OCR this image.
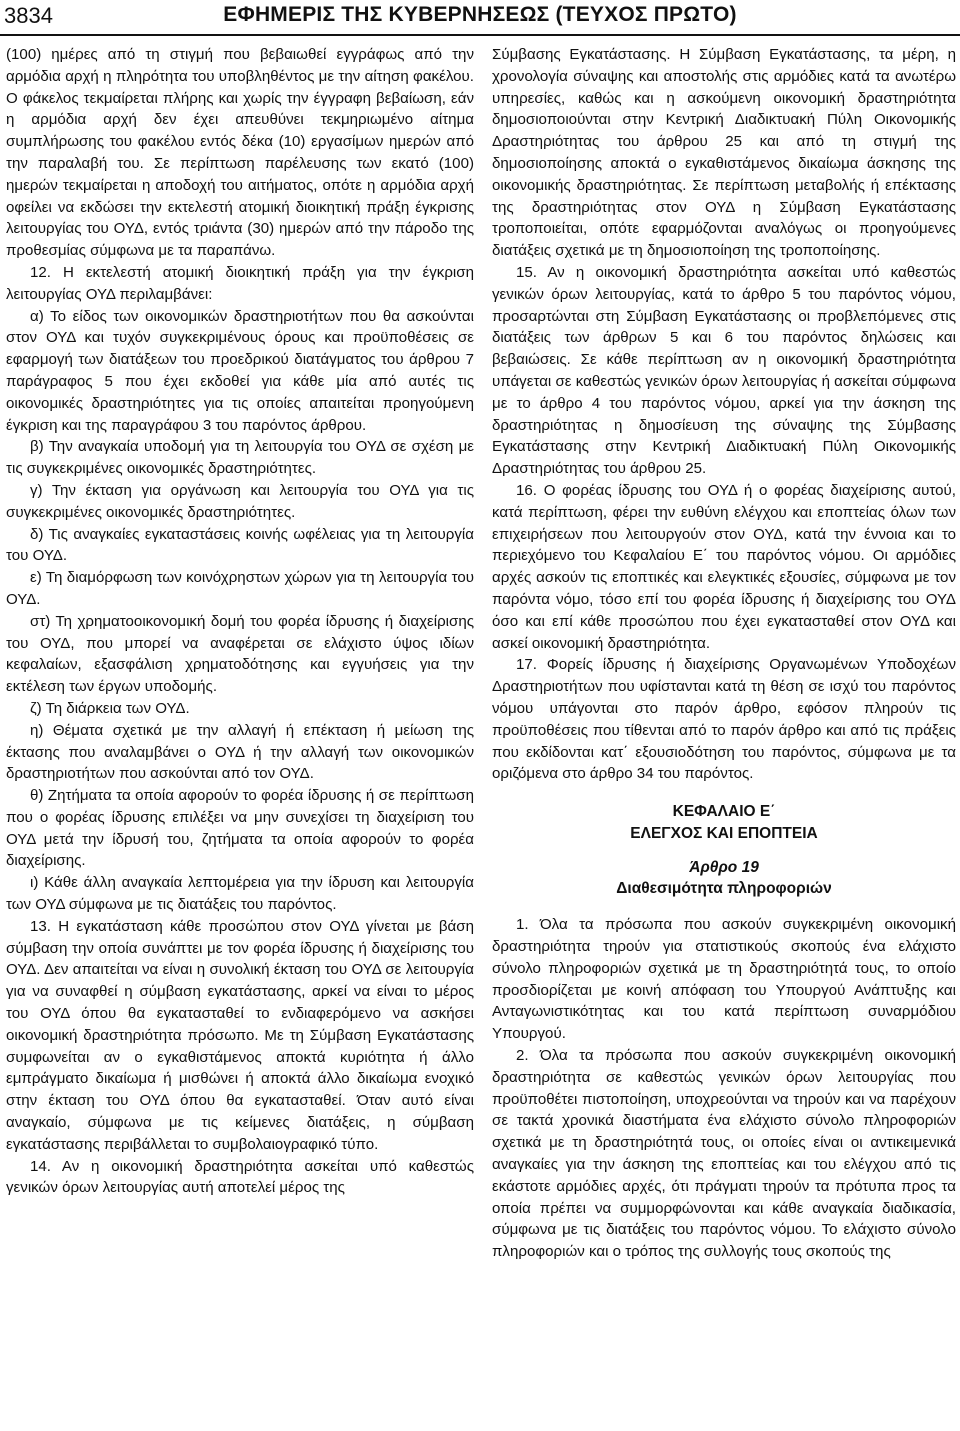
3834	ΕΦΗΜΕΡΙΣ ΤΗΣ ΚΥΒΕΡΝΗΣΕΩΣ (ΤΕΥΧΟΣ ΠΡΩΤΟ)

(100) ημέρες από τη στιγμή που βεβαιωθεί εγγράφως από την αρμόδια αρχή η πληρότητα του υποβληθέντος με την αίτηση φακέλου. Ο φάκελος τεκμαίρεται πλήρης και χωρίς την έγγραφη βεβαίωση, εάν η αρμόδια αρχή δεν έχει απευθύνει τεκμηριωμένο αίτημα συμπλήρωσης του φακέλου εντός δέκα (10) εργασίμων ημερών από την παραλαβή του. Σε περίπτωση παρέλευσης των εκατό (100) ημερών τεκμαίρεται η αποδοχή του αιτήματος, οπότε η αρμόδια αρχή οφείλει να εκδώσει την εκτελεστή ατομική διοικητική πράξη έγκρισης λειτουργίας του ΟΥΔ, εντός τριάντα (30) ημερών από την πάροδο της προθεσμίας σύμφωνα με τα παραπάνω.

12. Η εκτελεστή ατομική διοικητική πράξη για την έγκριση λειτουργίας ΟΥΔ περιλαμβάνει:

α) Το είδος των οικονομικών δραστηριοτήτων που θα ασκούνται στον ΟΥΔ και τυχόν συγκεκριμένους όρους και προϋποθέσεις σε εφαρμογή των διατάξεων του προεδρικού διατάγματος του άρθρου 7 παράγραφος 5 που έχει εκδοθεί για κάθε μία από αυτές τις οικονομικές δραστηριότητες για τις οποίες απαιτείται προηγούμενη έγκριση και της παραγράφου 3 του παρόντος άρθρου.

β) Την αναγκαία υποδομή για τη λειτουργία του ΟΥΔ σε σχέση με τις συγκεκριμένες οικονομικές δραστηριότητες.

γ) Την έκταση για οργάνωση και λειτουργία του ΟΥΔ για τις συγκεκριμένες οικονομικές δραστηριότητες.

δ) Τις αναγκαίες εγκαταστάσεις κοινής ωφέλειας για τη λειτουργία του ΟΥΔ.

ε) Τη διαμόρφωση των κοινόχρηστων χώρων για τη λειτουργία του ΟΥΔ.

στ) Τη χρηματοοικονομική δομή του φορέα ίδρυσης ή διαχείρισης του ΟΥΔ, που μπορεί να αναφέρεται σε ελάχιστο ύψος ιδίων κεφαλαίων, εξασφάλιση χρηματοδότησης και εγγυήσεις για την εκτέλεση των έργων υποδομής.

ζ) Τη διάρκεια των ΟΥΔ.

η) Θέματα σχετικά με την αλλαγή ή επέκταση ή μείωση της έκτασης που αναλαμβάνει ο ΟΥΔ ή την αλλαγή των οικονομικών δραστηριοτήτων που ασκούνται από τον ΟΥΔ.

θ) Ζητήματα τα οποία αφορούν το φορέα ίδρυσης ή σε περίπτωση που ο φορέας ίδρυσης επιλέξει να μην συνεχίσει τη διαχείριση του ΟΥΔ μετά την ίδρυσή του, ζητήματα τα οποία αφορούν το φορέα διαχείρισης.

ι) Κάθε άλλη αναγκαία λεπτομέρεια για την ίδρυση και λειτουργία των ΟΥΔ σύμφωνα με τις διατάξεις του παρόντος.

13. Η εγκατάσταση κάθε προσώπου στον ΟΥΔ γίνεται με βάση σύμβαση την οποία συνάπτει με τον φορέα ίδρυσης ή διαχείρισης του ΟΥΔ. Δεν απαιτείται να είναι η συνολική έκταση του ΟΥΔ σε λειτουργία για να συναφθεί η σύμβαση εγκατάστασης, αρκεί να είναι το μέρος του ΟΥΔ όπου θα εγκατασταθεί το ενδιαφερόμενο να ασκήσει οικονομική δραστηριότητα πρόσωπο. Με τη Σύμβαση Εγκατάστασης συμφωνείται αν ο εγκαθιστάμενος αποκτά κυριότητα ή άλλο εμπράγματο δικαίωμα ή μισθώνει ή αποκτά άλλο δικαίωμα ενοχικό στην έκταση του ΟΥΔ όπου θα εγκατασταθεί. Όταν αυτό είναι αναγκαίο, σύμφωνα με τις κείμενες διατάξεις, η σύμβαση εγκατάστασης περιβάλλεται το συμβολαιογραφικό τύπο.

14. Αν η οικονομική δραστηριότητα ασκείται υπό καθεστώς γενικών όρων λειτουργίας αυτή αποτελεί μέρος της

Σύμβασης Εγκατάστασης. Η Σύμβαση Εγκατάστασης, τα μέρη, η χρονολογία σύναψης και αποστολής στις αρμόδιες κατά τα ανωτέρω υπηρεσίες, καθώς και η ασκούμενη οικονομική δραστηριότητα δημοσιοποιούνται στην Κεντρική Διαδικτυακή Πύλη Οικονομικής Δραστηριότητας του άρθρου 25 και από τη στιγμή της δημοσιοποίησης αποκτά ο εγκαθιστάμενος δικαίωμα άσκησης της οικονομικής δραστηριότητας. Σε περίπτωση μεταβολής ή επέκτασης της δραστηριότητας στον ΟΥΔ η Σύμβαση Εγκατάστασης τροποποιείται, οπότε εφαρμόζονται αναλόγως οι προηγούμενες διατάξεις σχετικά με τη δημοσιοποίηση της τροποποίησης.

15. Αν η οικονομική δραστηριότητα ασκείται υπό καθεστώς γενικών όρων λειτουργίας, κατά το άρθρο 5 του παρόντος νόμου, προσαρτώνται στη Σύμβαση Εγκατάστασης οι προβλεπόμενες στις διατάξεις των άρθρων 5 και 6 του παρόντος δηλώσεις και βεβαιώσεις. Σε κάθε περίπτωση αν η οικονομική δραστηριότητα υπάγεται σε καθεστώς γενικών όρων λειτουργίας ή ασκείται σύμφωνα με το άρθρο 4 του παρόντος νόμου, αρκεί για την άσκηση της δραστηριότητας η δημοσίευση της σύναψης της Σύμβασης Εγκατάστασης στην Κεντρική Διαδικτυακή Πύλη Οικονομικής Δραστηριότητας του άρθρου 25.

16. Ο φορέας ίδρυσης του ΟΥΔ ή ο φορέας διαχείρισης αυτού, κατά περίπτωση, φέρει την ευθύνη ελέγχου και εποπτείας όλων των επιχειρήσεων που λειτουργούν στον ΟΥΔ, κατά την έννοια και το περιεχόμενο του Κεφαλαίου Ε΄ του παρόντος νόμου. Οι αρμόδιες αρχές ασκούν τις εποπτικές και ελεγκτικές εξουσίες, σύμφωνα με τον παρόντα νόμο, τόσο επί του φορέα ίδρυσης ή διαχείρισης του ΟΥΔ όσο και επί κάθε προσώπου που έχει εγκατασταθεί στον ΟΥΔ και ασκεί οικονομική δραστηριότητα.

17. Φορείς ίδρυσης ή διαχείρισης Οργανωμένων Υποδοχέων Δραστηριοτήτων που υφίστανται κατά τη θέση σε ισχύ του παρόντος νόμου υπάγονται στο παρόν άρθρο, εφόσον πληρούν τις προϋποθέσεις που τίθενται από το παρόν άρθρο και από τις πράξεις που εκδίδονται κατ΄ εξουσιοδότηση του παρόντος, σύμφωνα με τα οριζόμενα στο άρθρο 34 του παρόντος.

ΚΕΦΑΛΑΙΟ Ε΄
ΕΛΕΓΧΟΣ ΚΑΙ ΕΠΟΠΤΕΙΑ
Άρθρο 19
Διαθεσιμότητα πληροφοριών

1. Όλα τα πρόσωπα που ασκούν συγκεκριμένη οικονομική δραστηριότητα τηρούν για στατιστικούς σκοπούς ένα ελάχιστο σύνολο πληροφοριών σχετικά με τη δραστηριότητά τους, το οποίο προσδιορίζεται με κοινή απόφαση του Υπουργού Ανάπτυξης και Ανταγωνιστικότητας και του κατά περίπτωση συναρμόδιου Υπουργού.

2. Όλα τα πρόσωπα που ασκούν συγκεκριμένη οικονομική δραστηριότητα σε καθεστώς γενικών όρων λειτουργίας που προϋποθέτει πιστοποίηση, υποχρεούνται να τηρούν και να παρέχουν σε τακτά χρονικά διαστήματα ένα ελάχιστο σύνολο πληροφοριών σχετικά με τη δραστηριότητά τους, οι οποίες είναι οι αντικειμενικά αναγκαίες για την άσκηση της εποπτείας και του ελέγχου από τις εκάστοτε αρμόδιες αρχές, ότι πράγματι τηρούν τα πρότυπα προς τα οποία πρέπει να συμμορφώνονται και κάθε αναγκαία διαδικασία, σύμφωνα με τις διατάξεις του παρόντος νόμου. Το ελάχιστο σύνολο πληροφοριών και ο τρόπος της συλλογής τους σκοπούς της
